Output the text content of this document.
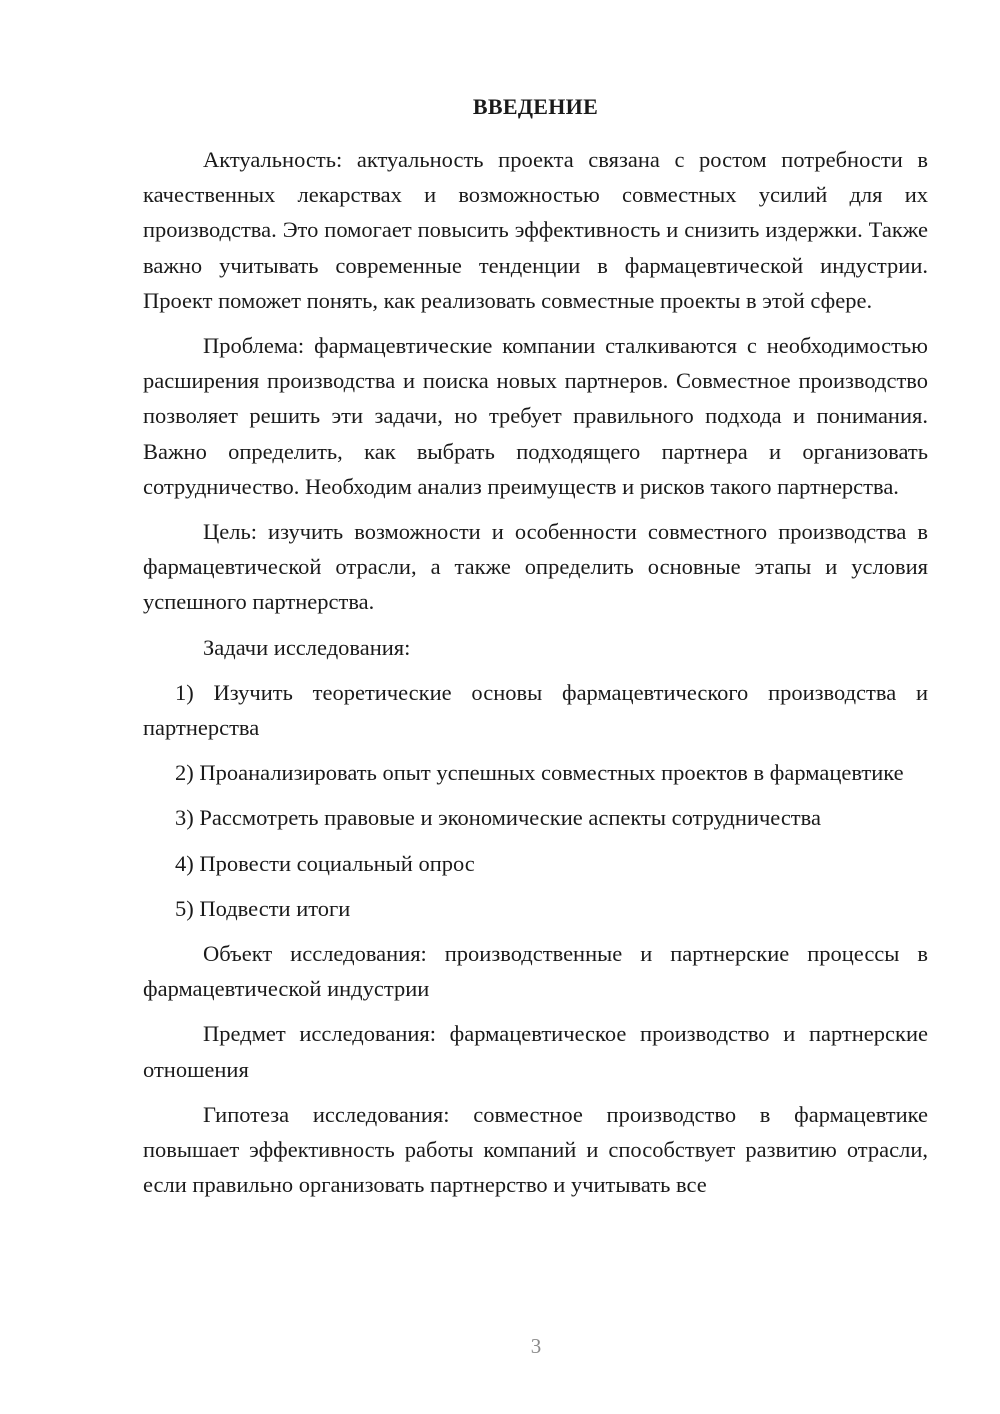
ВВЕДЕНИЕ

Актуальность: актуальность проекта связана с ростом потребности в качественных лекарствах и возможностью совместных усилий для их производства. Это помогает повысить эффективность и снизить издержки. Также важно учитывать современные тенденции в фармацевтической индустрии. Проект поможет понять, как реализовать совместные проекты в этой сфере.

Проблема: фармацевтические компании сталкиваются с необходимостью расширения производства и поиска новых партнеров. Совместное производство позволяет решить эти задачи, но требует правильного подхода и понимания. Важно определить, как выбрать подходящего партнера и организовать сотрудничество. Необходим анализ преимуществ и рисков такого партнерства.

Цель: изучить возможности и особенности совместного производства в фармацевтической отрасли, а также определить основные этапы и условия успешного партнерства.

Задачи исследования:

1) Изучить теоретические основы фармацевтического производства и партнерства

2) Проанализировать опыт успешных совместных проектов в фармацевтике

3) Рассмотреть правовые и экономические аспекты сотрудничества

4) Провести социальный опрос

5) Подвести итоги

Объект исследования: производственные и партнерские процессы в фармацевтической индустрии

Предмет исследования: фармацевтическое производство и партнерские отношения

Гипотеза исследования: совместное производство в фармацевтике повышает эффективность работы компаний и способствует развитию отрасли, если правильно организовать партнерство и учитывать все

3
